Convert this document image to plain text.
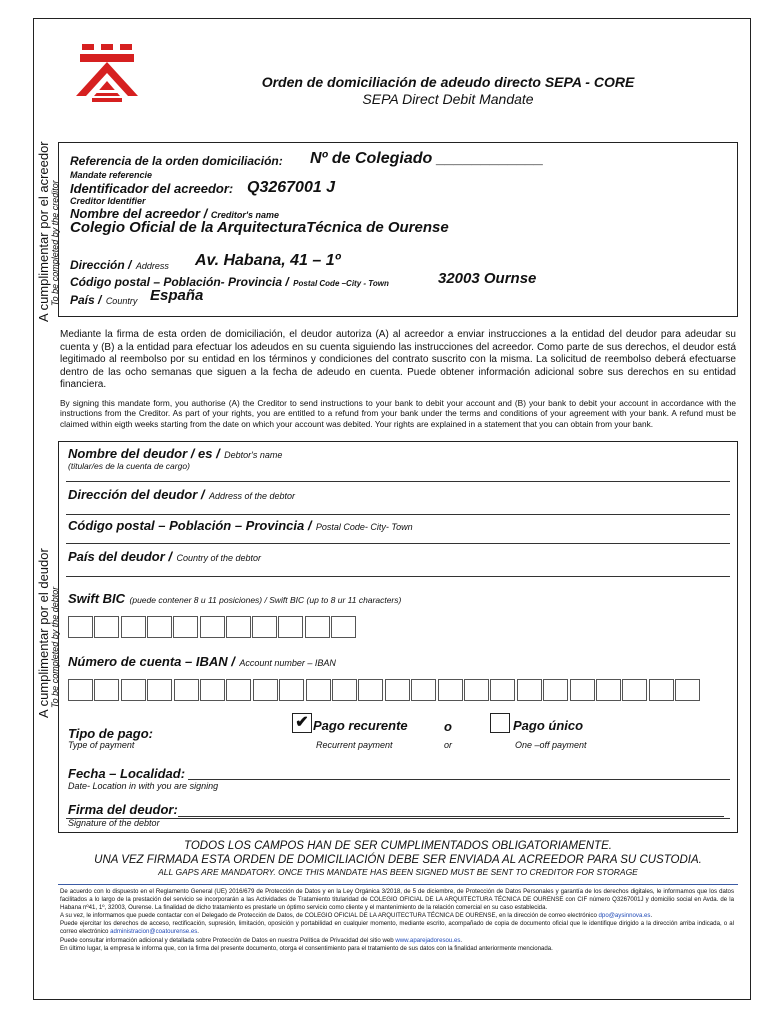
Orden de domiciliación de adeudo directo SEPA - CORE
SEPA Direct Debit Mandate
A cumplimentar por el acreedor To be completed by the creditor
A cumplimentar por el deudor To be completed by the debtor
Referencia de la orden domiciliación: Nº de Colegiado ____________
Mandate referencie
Identificador del acreedor: Q3267001 J
Creditor Identifier
Nombre del acreedor / Creditor's name
Colegio Oficial de la ArquitecturaTécnica de Ourense
Dirección / Address Av. Habana, 41 – 1º
Código postal – Población- Provincia / Postal Code –City - Town	32003 Ournse
País / Country España
Mediante la firma de esta orden de domiciliación, el deudor autoriza (A) al acreedor a enviar instrucciones a la entidad del deudor para adeudar su cuenta y (B) a la entidad para efectuar los adeudos en su cuenta siguiendo las instrucciones del acreedor. Como parte de sus derechos, el deudor está legitimado al reembolso por su entidad en los términos y condiciones del contrato suscrito con la misma. La solicitud de reembolso deberá efectuarse dentro de las ocho semanas que siguen a la fecha de adeudo en cuenta. Puede obtener información adicional sobre sus derechos en su entidad financiera.
By signing this mandate form, you authorise (A) the Creditor to send instructions to your bank to debit your account and (B) your bank to debit your account in accordance with the instructions from the Creditor. As part of your rights, you are entitled to a refund from your bank under the terms and conditions of your agreement with your bank. A refund must be claimed within eigth weeks starting from the date on which your account was debited. Your rights are explained in a statement that you can obtain from your bank.
Nombre del deudor / es / Debtor's name
(titular/es de la cuenta de cargo)
Dirección del deudor / Address of the debtor
Código postal – Población – Provincia / Postal Code- City- Town
País del deudor / Country of the debtor
Swift BIC (puede contener 8 u 11 posiciones) / Swift BIC (up to 8 ur 11 characters)
Número de cuenta – IBAN / Account number – IBAN
Tipo de pago:
Type of payment
✔ Pago recurente
Recurrent payment
o
or
Pago único
One –off payment
Fecha – Localidad:
Date- Location in with you are signing
Firma del deudor:
Signature of the debtor
TODOS LOS CAMPOS HAN DE SER CUMPLIMENTADOS OBLIGATORIAMENTE.
UNA VEZ FIRMADA ESTA ORDEN DE DOMICILIACIÓN DEBE SER ENVIADA AL ACREEDOR PARA SU CUSTODIA.
ALL GAPS ARE MANDATORY. ONCE THIS MANDATE HAS BEEN SIGNED MUST BE SENT TO CREDITOR FOR STORAGE
De acuerdo con lo dispuesto en el Reglamento General (UE) 2016/679 de Protección de Datos y en la Ley Orgánica 3/2018, de 5 de diciembre, de Protección de Datos Personales y garantía de los derechos digitales, le informamos que los datos facilitados a lo largo de la prestación del servicio se incorporarán a las Actividades de Tratamiento titularidad de COLEGIO OFICIAL DE LA ARQUITECTURA TÉCNICA DE OURENSE con CIF número Q3267001J y domicilio social en Avda. de la Habana nº41, 1º, 32003, Ourense. La finalidad de dicho tratamiento es prestarle un óptimo servicio como cliente y el mantenimiento de la relación comercial en su caso establecida.
A su vez, le informamos que puede contactar con el Delegado de Protección de Datos, de COLEGIO OFICIAL DE LA ARQUITECTURA TÉCNICA DE OURENSE, en la dirección de correo electrónico dpo@aysinnova.es.
Puede ejercitar los derechos de acceso, rectificación, supresión, limitación, oposición y portabilidad en cualquier momento, mediante escrito, acompañado de copia de documento oficial que le identifique dirigido a la dirección arriba indicada, o al correo electrónico administracion@coatourense.es.
Puede consultar información adicional y detallada sobre Protección de Datos en nuestra Política de Privacidad del sitio web www.aparejadoresou.es.
En último lugar, la empresa le informa que, con la firma del presente documento, otorga el consentimiento para el tratamiento de sus datos con la finalidad anteriormente mencionada.
